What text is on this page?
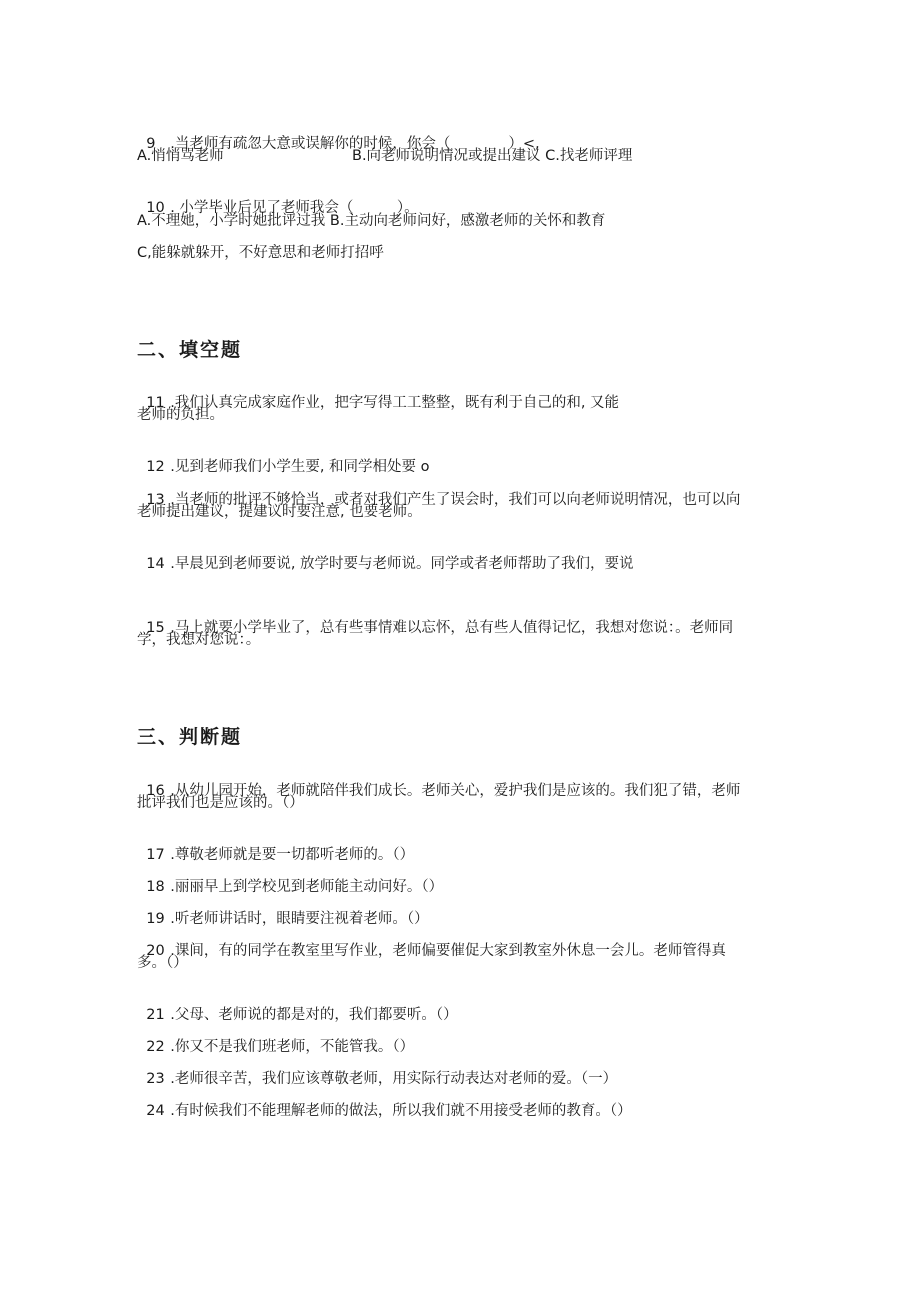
9 .当老师有疏忽大意或误解你的时候，你会（　　　　）<,

A.悄悄骂老师	B.向老师说明情况或提出建议 C.找老师评理

10 . 小学毕业后见了老师我会（　　　）。

A.不理她，小学时她批评过我 B.主动向老师问好，感激老师的关怀和教育
C,能躲就躲开，不好意思和老师打招呼
二、填空题

11 .我们认真完成家庭作业，把字写得工工整整，既有利于自己的和, 又能

老师的负担。

12 .见到老师我们小学生要, 和同学相处要 o

13 .当老师的批评不够恰当，或者对我们产生了误会时，我们可以向老师说明情况，也可以向

老师提出建议，提建议时要注意, 也要老师。

14 .早晨见到老师要说, 放学时要与老师说。同学或者老师帮助了我们，要说

15 .马上就要小学毕业了，总有些事情难以忘怀，总有些人值得记忆，我想对您说：。老师同

学，我想对您说：。
三、判断题

16 .从幼儿园开始，老师就陪伴我们成长。老师关心，爱护我们是应该的。我们犯了错，老师

批评我们也是应该的。（）

17 .尊敬老师就是要一切都听老师的。（）

18 .丽丽早上到学校见到老师能主动问好。（）

19 .听老师讲话时，眼睛要注视着老师。（）

20 .课间，有的同学在教室里写作业，老师偏要催促大家到教室外休息一会儿。老师管得真

多。（）

21 .父母、老师说的都是对的，我们都要听。（）

22 .你又不是我们班老师，不能管我。（）

23 .老师很辛苦，我们应该尊敬老师，用实际行动表达对老师的爱。（一）

24 .有时候我们不能理解老师的做法，所以我们就不用接受老师的教育。（）
